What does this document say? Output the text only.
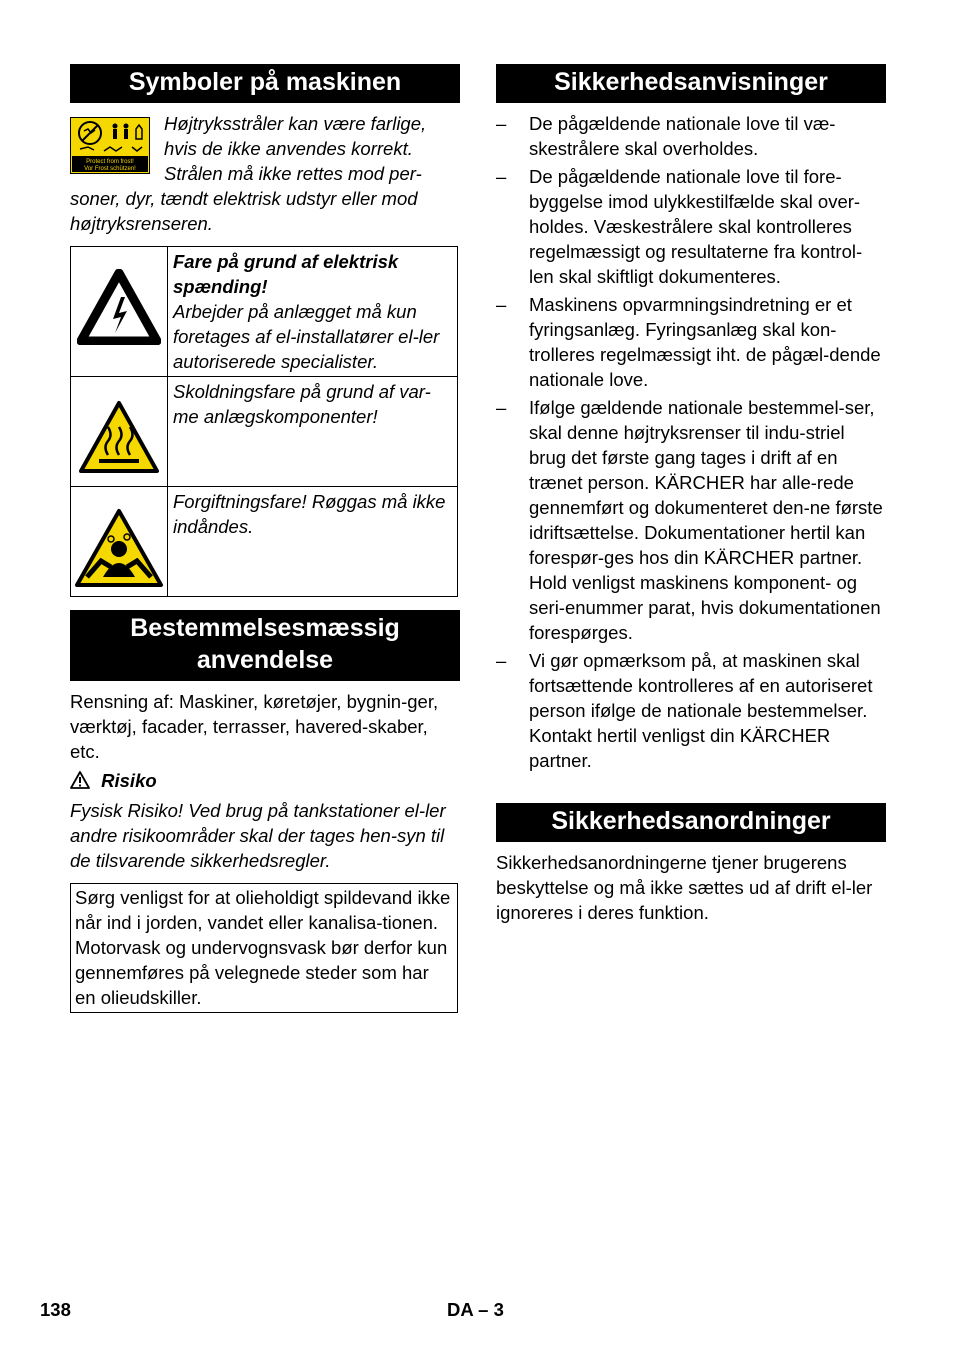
Symboler på maskinen
Protect from frost!
Vor Frost schützen!

Højtryksstråler kan være farlige,

hvis de ikke anvendes korrekt.

Strålen må ikke rettes mod per-

soner, dyr, tændt elektrisk udstyr eller mod højtryksrenseren.

Fare på grund af elektrisk spænding!
Arbejder på anlægget må kun foretages af el-installatører el-ler autoriserede specialister.

Skoldningsfare på grund af var-me anlægskomponenter!

Forgiftningsfare! Røggas må ikke indåndes.
Bestemmelsesmæssig
anvendelse

Rensning af: Maskiner, køretøjer, bygnin-ger, værktøj, facader, terrasser, havered-skaber, etc.

Risiko

Fysisk Risiko! Ved brug på tankstationer el-ler andre risikoområder skal der tages hen-syn til de tilsvarende sikkerhedsregler.

Sørg venligst for at olieholdigt spildevand ikke når ind i jorden, vandet eller kanalisa-tionen. Motorvask og undervognsvask bør derfor kun gennemføres på velegnede steder som har en olieudskiller.
Sikkerhedsanvisninger
– De pågældende nationale love til væ-skestrålere skal overholdes.
– De pågældende nationale love til fore-byggelse imod ulykkestilfælde skal over-holdes. Væskestrålere skal kontrolleres regelmæssigt og resultaterne fra kontrol-len skal skiftligt dokumenteres.
– Maskinens opvarmningsindretning er et fyringsanlæg. Fyringsanlæg skal kon-trolleres regelmæssigt iht. de pågæl-dende nationale love.
– Ifølge gældende nationale bestemmel-ser, skal denne højtryksrenser til indu-striel brug det første gang tages i drift af en trænet person. KÄRCHER har alle-rede gennemført og dokumenteret den-ne første idriftsættelse. Dokumentationer hertil kan forespør-ges hos din KÄRCHER partner. Hold venligst maskinens komponent- og seri-enummer parat, hvis dokumentationen forespørges.
– Vi gør opmærksom på, at maskinen skal fortsættende kontrolleres af en autoriseret person ifølge de nationale bestemmelser. Kontakt hertil venligst din KÄRCHER partner.
Sikkerhedsanordninger

Sikkerhedsanordningerne tjener brugerens beskyttelse og må ikke sættes ud af drift el-ler ignoreres i deres funktion.

138	DA – 3
